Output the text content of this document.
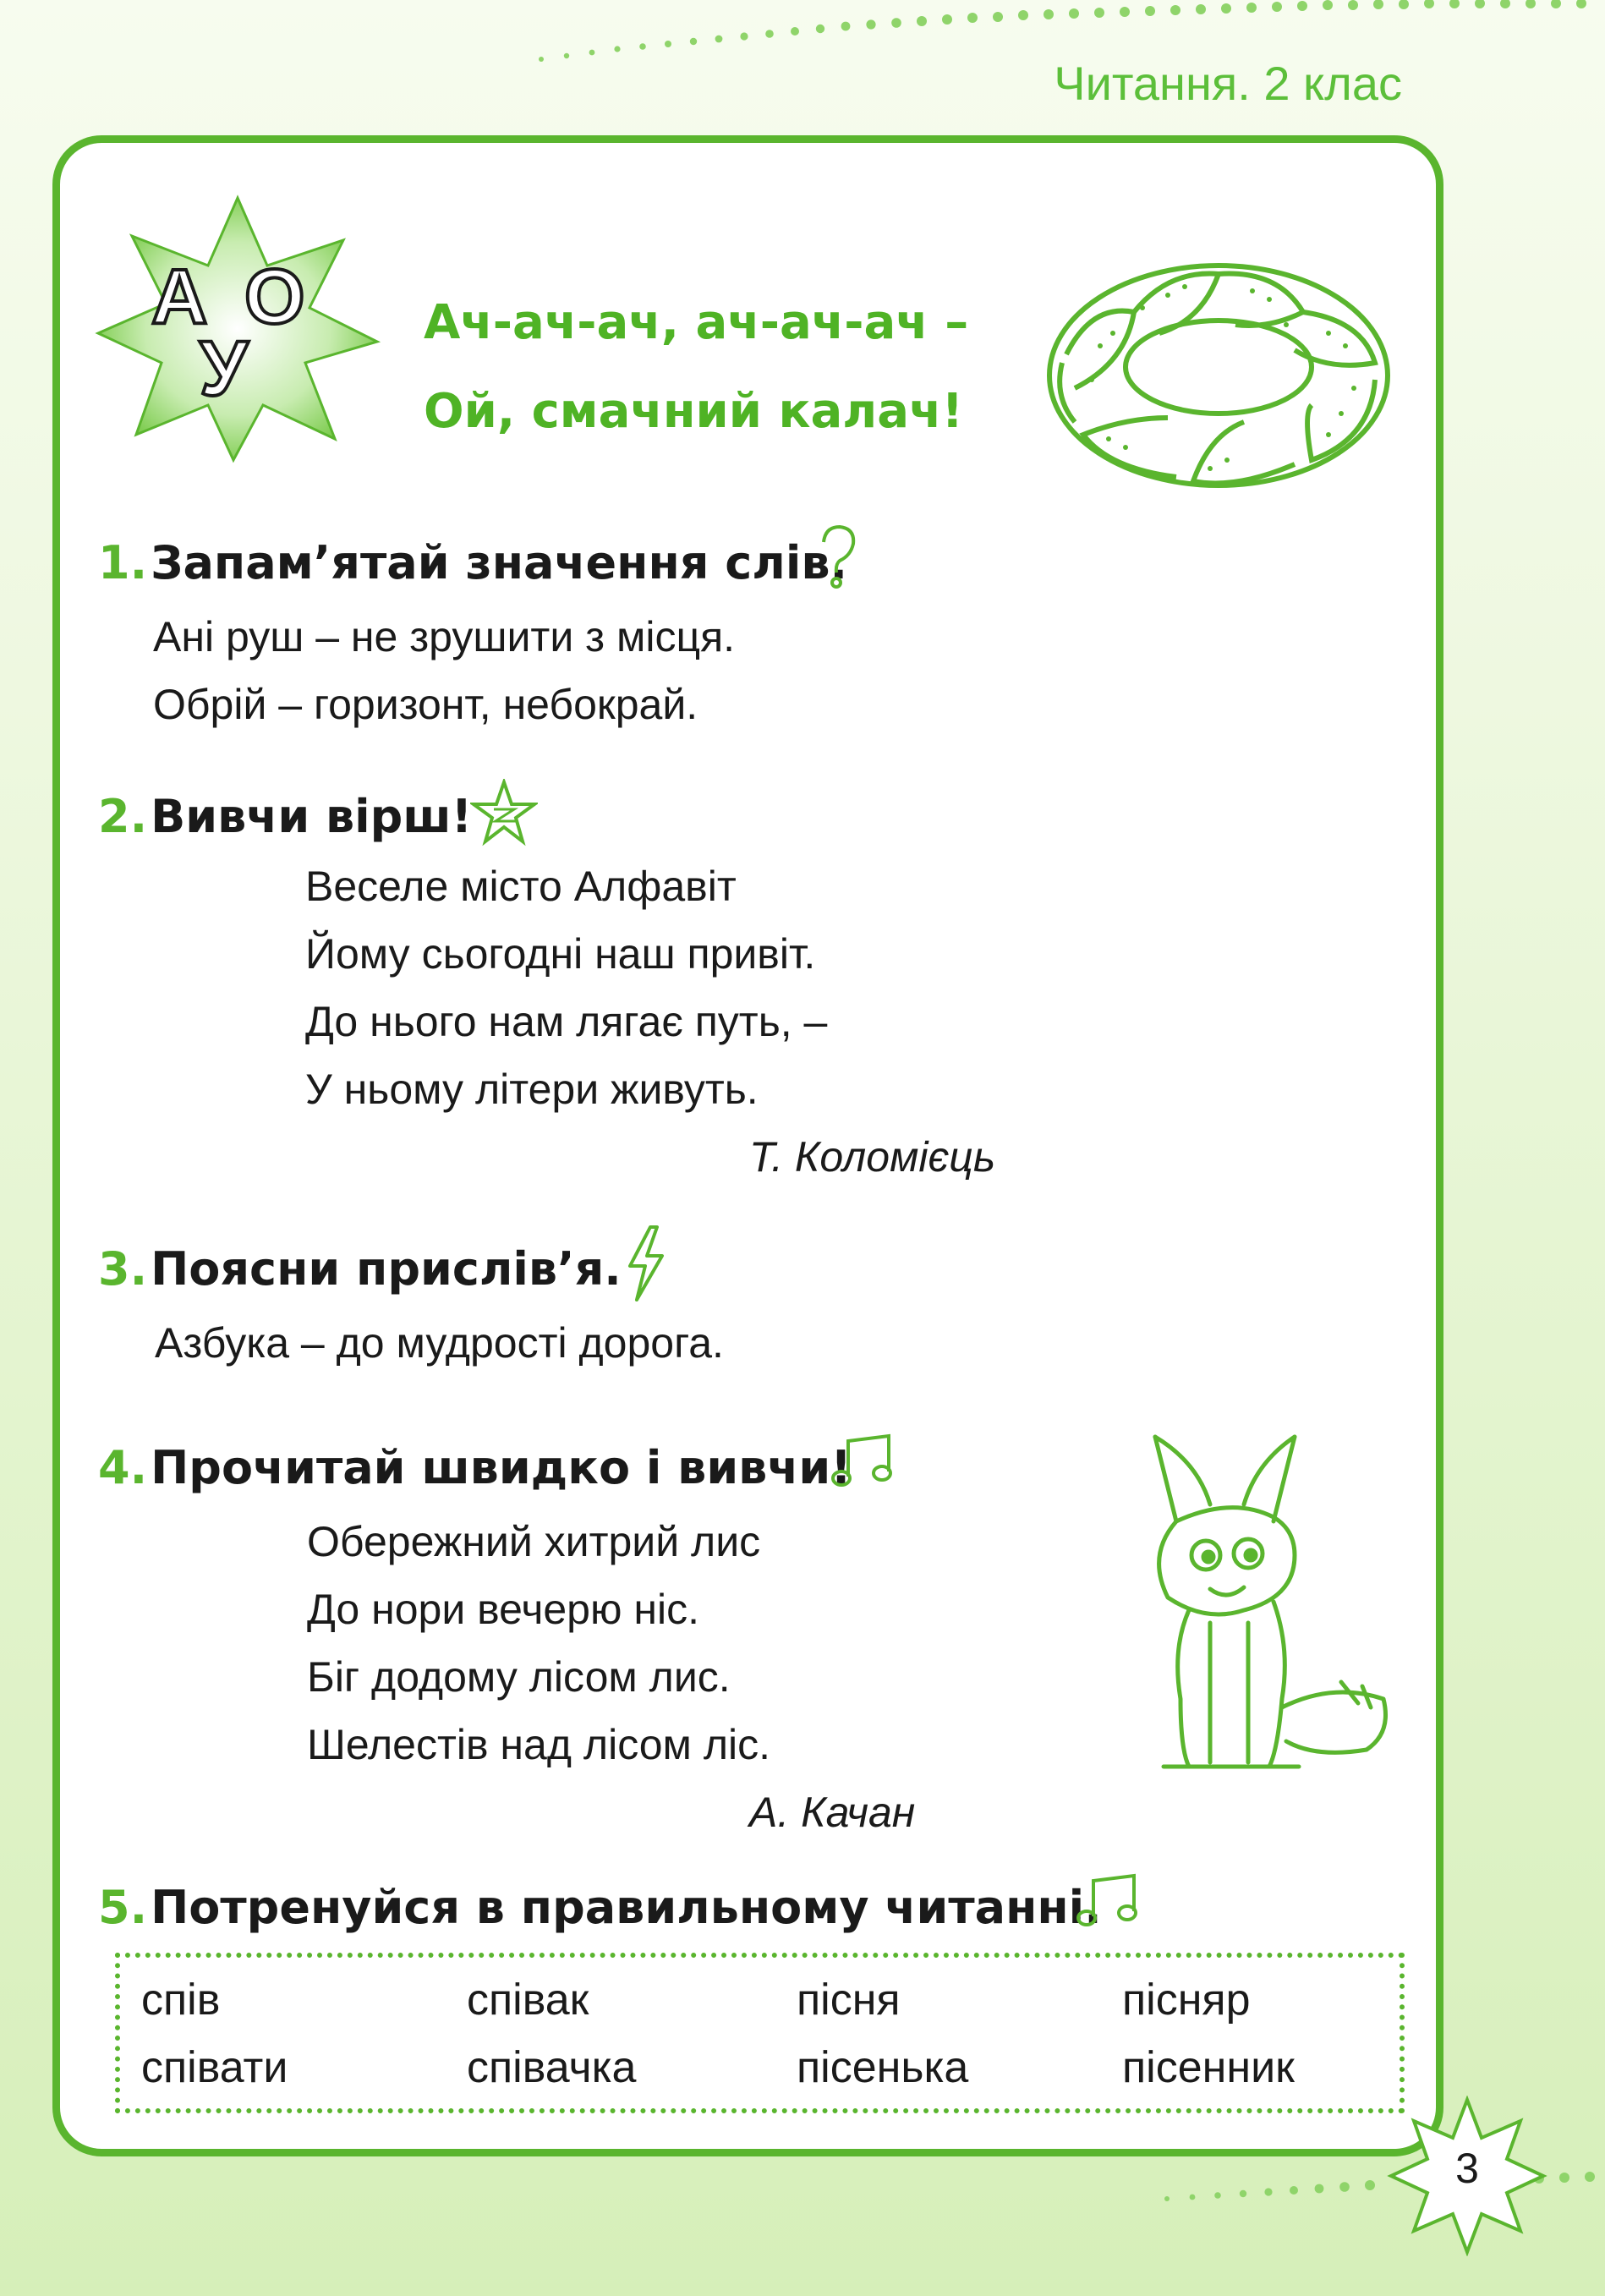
Читання. 2 клас
А О
У
Ач-ач-ач, ач-ач-ач –
Ой, смачний калач!
1.Запам’ятай значення слів.
Ані руш – не зрушити з місця.
Обрій – горизонт, небокрай.
2.Вивчи вірш!
Веселе місто Алфавіт
Йому сьогодні наш привіт.
До нього нам лягає путь, –
У ньому літери живуть.
Т. Коломієць
3.Поясни прислів’я.
Азбука – до мудрості дорога.
4.Прочитай швидко і вивчи!
Обережний хитрий лис
До нори вечерю ніс.
Біг додому лісом лис.
Шелестів над лісом ліс.
А. Качан
5.Потренуйся в правильному читанні.
спів	співак	пісня	пісняр
співати	співачка	пісенька	пісенник
3
